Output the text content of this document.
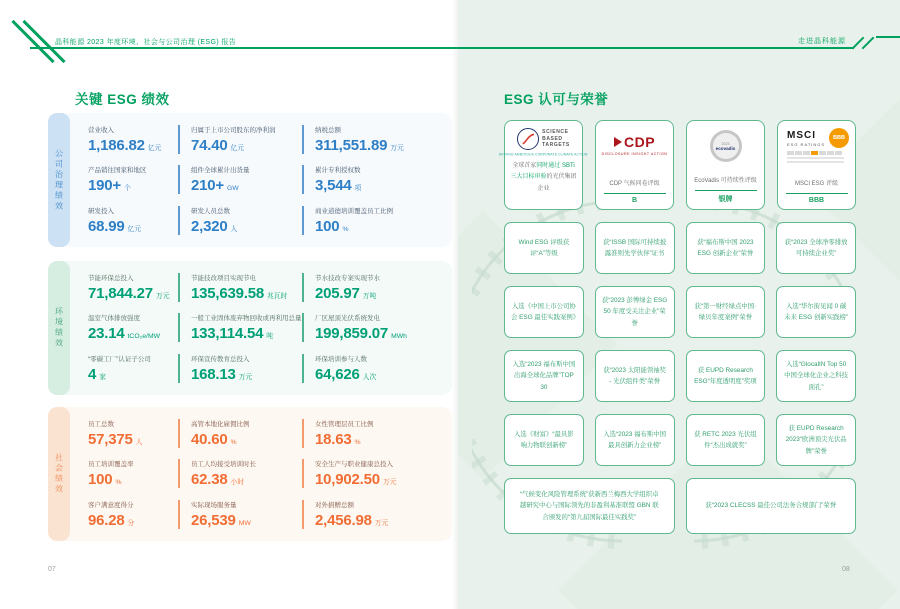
晶科能源 2023 年度环境、社会与公司治理 (ESG) 报告	走进晶科能源
关键 ESG 绩效
公司治理绩效
营业收入
1,186.82 亿元
归属于上市公司股东的净利润
74.40 亿元
纳税总额
311,551.89 万元
产品销往国家和地区
190+ 个
组件全球累计出货量
210+ GW
累计专利授权数
3,544 项
研发投入
68.99 亿元
研发人员总数
2,320 人
商业道德培训覆盖员工比例
100 %
环境绩效
节能环保总投入
71,844.27 万元
节能技改项目实现节电
135,639.58 兆瓦时
节水技改专案实现节水
205.97 万吨
温室气体排放强度
23.14 tCO₂e/MW
一般工业固体废弃物回收或再利用总量
133,114.54 吨
厂区屋顶光伏系统发电
199,859.07 MWh
“零碳工厂”认证子公司
4 家
环保宣传教育总投入
168.13 万元
环保培训参与人数
64,626 人次
社会绩效
员工总数
57,375 人
高管本地化雇佣比例
40.60 %
女性管理层员工比例
18.63 %
员工培训覆盖率
100 %
员工人均接受培训时长
62.38 小时
安全生产与职业健康总投入
10,902.50 万元
客户满意度得分
96.28 分
实际现场服务量
26,539 MW
对外捐赠总额
2,456.98 万元
07
ESG 认可与荣誉
SCIENCE
BASED
TARGETS
DRIVING AMBITIOUS CORPORATE CLIMATE ACTION
全球首家同时通过 SBTi 三大目标审验的光伏集团企业
CDP
DISCLOSURE INSIGHT ACTION
CDP 气候问卷评级
B
2023
ecovadis
EcoVadis 可持续性评级
银牌
MSCI
ESG RATINGS
BBB
MSCI ESG 评级
BBB
Wind ESG 评级获评“A”等级
获“ISSB 国际可持续披露准则先学伙伴”证书
获“福布斯中国 2023 ESG 创新企业”荣誉
获“2023 全球净零排放可持续企业奖”
入选《中国上市公司协会 ESG 最佳实践案例》
获“2023 彭博绿金 ESG 50 年度受关注企业”荣誉
获“第一财经绿点中国·绿贝年度案例”荣誉
入选“华尔街见闻 0 碳未来 ESG 创新实践榜”
入选“2023 福布斯中国出海全球化品牌”TOP 30
获“2023 太阳能领袖奖 - 光伏组件类”荣誉
获 EUPD Research ESG“年度透明度”奖项
入选“GlocalIN Top 50 中国全球化企业之科技面孔”
入选《财富》“最具影响力物联创新榜”
入选“2023 福布斯中国最具创新力企业榜”
获 RETC 2023 光伏组件“杰出成就奖”
获 EUPD Research 2023“欧洲顶尖光伏品牌”荣誉
“气候变化风险管理系统”获新西兰梅西大学组织卓越研究中心与国际领先的非盈利基准联盟 GBN 联合颁发的“第九届国际最佳实践奖”
获“2023 CLECSS 最佳公司法务合规部门”荣誉
08
